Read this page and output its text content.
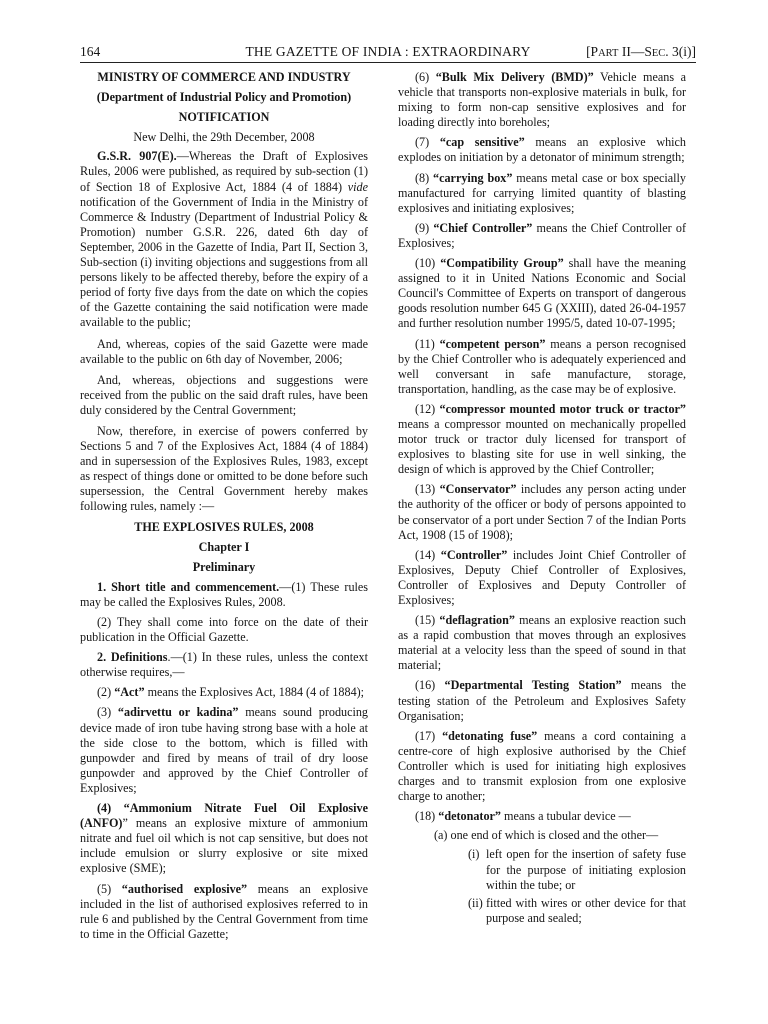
164	THE GAZETTE OF INDIA : EXTRAORDINARY	[PART II—SEC. 3(i)]

MINISTRY OF COMMERCE AND INDUSTRY

(Department of Industrial Policy and Promotion)

NOTIFICATION

New Delhi, the 29th December, 2008

G.S.R. 907(E).—Whereas the Draft of Explosives Rules, 2006 were published, as required by sub-section (1) of Section 18 of Explosive Act, 1884 (4 of 1884) vide notification of the Government of India in the Ministry of Commerce & Industry (Department of Industrial Policy & Promotion) number G.S.R. 226, dated 6th day of September, 2006 in the Gazette of India, Part II, Section 3, Sub-section (i) inviting objections and suggestions from all persons likely to be affected thereby, before the expiry of a period of forty five days from the date on which the copies of the Gazette containing the said notification were made available to the public;

And, whereas, copies of the said Gazette were made available to the public on 6th day of November, 2006;

And, whereas, objections and suggestions were received from the public on the said draft rules, have been duly considered by the Central Government;

Now, therefore, in exercise of powers conferred by Sections 5 and 7 of the Explosives Act, 1884 (4 of 1884) and in supersession of the Explosives Rules, 1983, except as respect of things done or omitted to be done before such supersession, the Central Government hereby makes following rules, namely :—

THE EXPLOSIVES RULES, 2008

Chapter I

Preliminary

1. Short title and commencement.—(1) These rules may be called the Explosives Rules, 2008.

(2) They shall come into force on the date of their publication in the Official Gazette.

2. Definitions.—(1) In these rules, unless the context otherwise requires,—

(2) “Act” means the Explosives Act, 1884 (4 of 1884);

(3) “adirvettu or kadina” means sound producing device made of iron tube having strong base with a hole at the side close to the bottom, which is filled with gunpowder and fired by means of trail of dry loose gunpowder and approved by the Chief Controller of Explosives;

(4) “Ammonium Nitrate Fuel Oil Explosive (ANFO)” means an explosive mixture of ammonium nitrate and fuel oil which is not cap sensitive, but does not include emulsion or slurry explosive or site mixed explosive (SME);

(5) “authorised explosive” means an explosive included in the list of authorised explosives referred to in rule 6 and published by the Central Government from time to time in the Official Gazette;

(6) “Bulk Mix Delivery (BMD)” Vehicle means a vehicle that transports non-explosive materials in bulk, for mixing to form non-cap sensitive explosives and for loading directly into boreholes;

(7) “cap sensitive” means an explosive which explodes on initiation by a detonator of minimum strength;

(8) “carrying box” means metal case or box specially manufactured for carrying limited quantity of blasting explosives and initiating explosives;

(9) “Chief Controller” means the Chief Controller of Explosives;

(10) “Compatibility Group” shall have the meaning assigned to it in United Nations Economic and Social Council's Committee of Experts on transport of dangerous goods resolution number 645 G (XXIII), dated 26-04-1957 and further resolution number 1995/5, dated 10-07-1995;

(11) “competent person” means a person recognised by the Chief Controller who is adequately experienced and well conversant in safe manufacture, storage, transportation, handling, as the case may be of explosive.

(12) “compressor mounted motor truck or tractor” means a compressor mounted on mechanically propelled motor truck or tractor duly licensed for transport of explosives to blasting site for use in well sinking, the design of which is approved by the Chief Controller;

(13) “Conservator” includes any person acting under the authority of the officer or body of persons appointed to be conservator of a port under Section 7 of the Indian Ports Act, 1908 (15 of 1908);

(14) “Controller” includes Joint Chief Controller of Explosives, Deputy Chief Controller of Explosives, Controller of Explosives and Deputy Controller of Explosives;

(15) “deflagration” means an explosive reaction such as a rapid combustion that moves through an explosives material at a velocity less than the speed of sound in that material;

(16) “Departmental Testing Station” means the testing station of the Petroleum and Explosives Safety Organisation;

(17) “detonating fuse” means a cord containing a centre-core of high explosive authorised by the Chief Controller which is used for initiating high explosives charges and to transmit explosion from one explosive charge to another;

(18) “detonator” means a tubular device —

(a) one end of which is closed and the other—

(i) left open for the insertion of safety fuse for the purpose of initiating explosion within the tube; or
(ii) fitted with wires or other device for that purpose and sealed;
